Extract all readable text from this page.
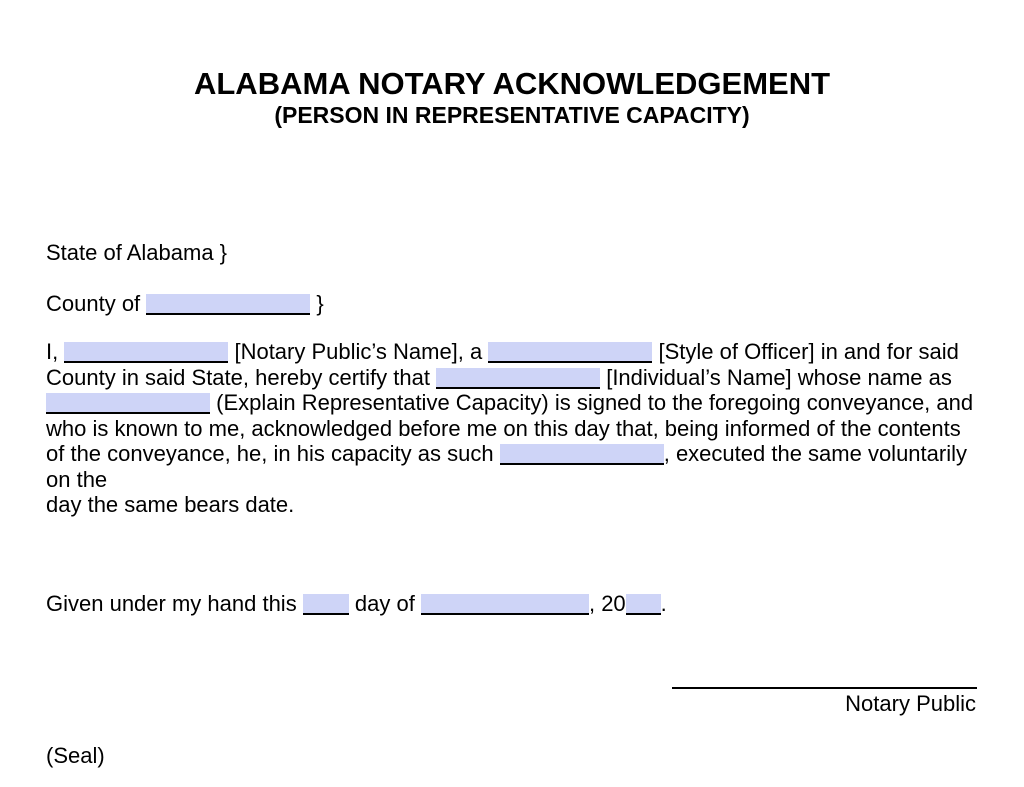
ALABAMA NOTARY ACKNOWLEDGEMENT
(PERSON IN REPRESENTATIVE CAPACITY)
State of Alabama }
County of	}
I,	[Notary Public’s Name], a	[Style of Officer] in and for said
County in said State, hereby certify that	[Individual’s Name] whose name as
(Explain Representative Capacity) is signed to the foregoing conveyance, and
who is known to me, acknowledged before me on this day that, being informed of the contents
of the conveyance, he, in his capacity as such	, executed the same voluntarily
on the
day the same bears date.
Given under my hand this  day of	, 20 .
Notary Public
(Seal)
